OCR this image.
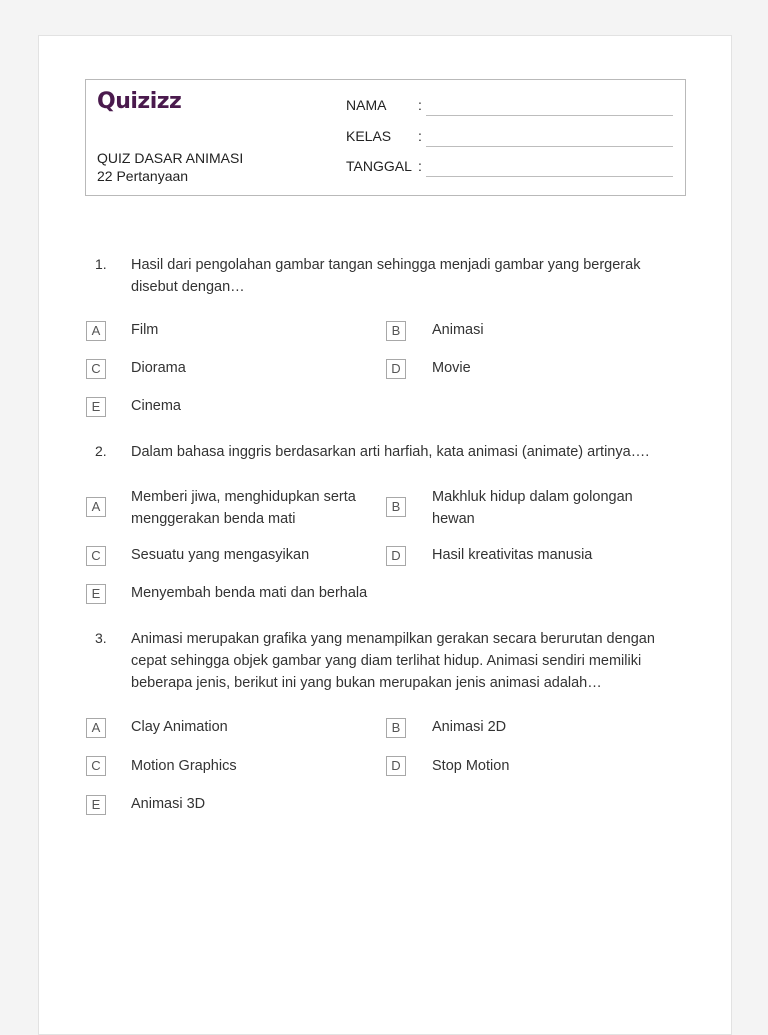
Quizizz
QUIZ DASAR ANIMASI
22 Pertanyaan
NAMA :
KELAS :
TANGGAL :
1. Hasil dari pengolahan gambar tangan sehingga menjadi gambar yang bergerak disebut dengan…
A	Film	B	Animasi
C	Diorama	D	Movie
E	Cinema
2. Dalam bahasa inggris berdasarkan arti harfiah, kata animasi (animate) artinya….
A
Memberi jiwa, menghidupkan serta menggerakan benda mati
B
Makhluk hidup dalam golongan hewan
C	Sesuatu yang mengasyikan	D	Hasil kreativitas manusia
E	Menyembah benda mati dan berhala
3. Animasi merupakan grafika yang menampilkan gerakan secara berurutan dengan cepat sehingga objek gambar yang diam terlihat hidup. Animasi sendiri memiliki beberapa jenis, berikut ini yang bukan merupakan jenis animasi adalah…
A	Clay Animation	B	Animasi 2D
C	Motion Graphics	D	Stop Motion
E	Animasi 3D
